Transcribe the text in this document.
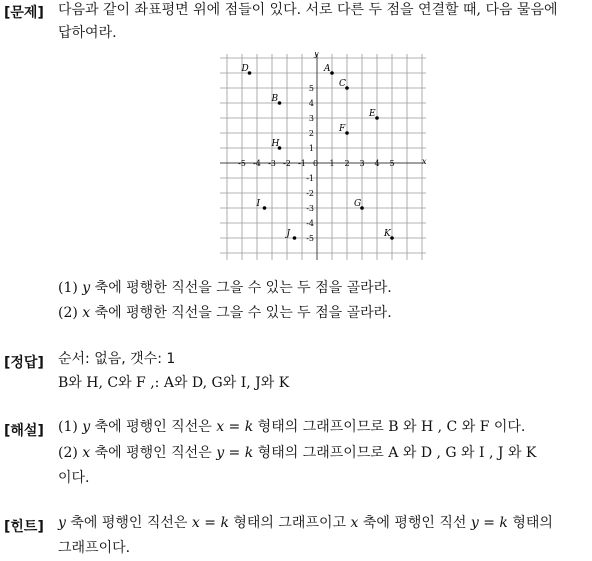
[문제] 다음과 같이 좌표평면 위에 점들이 있다. 서로 다른 두 점을 연결할 때, 다음 물음에
답하여라.
x
y
0
-5 -4 -3 -2 -1	1 2 3 4 5
1
2
3
4
5
-1
-2
-3
-4
-5
A
B
C
D
E
F
G
H
I
J	K
(1) y 축에 평행한 직선을 그을 수 있는 두 점을 골라라.
(2) x 축에 평행한 직선을 그을 수 있는 두 점을 골라라.
[정답] 순서: 없음, 갯수: 1
B와 H, C와 F ,: A와 D, G와 I, J와 K
[해설] (1) y 축에 평행인 직선은 x = k 형태의 그래프이므로 B 와 H , C 와 F 이다.
(2) x 축에 평행인 직선은 y = k 형태의 그래프이므로 A 와 D , G 와 I , J 와 K
이다.
[힌트] y 축에 평행인 직선은 x = k 형태의 그래프이고 x 축에 평행인 직선 y = k 형태의
그래프이다.
